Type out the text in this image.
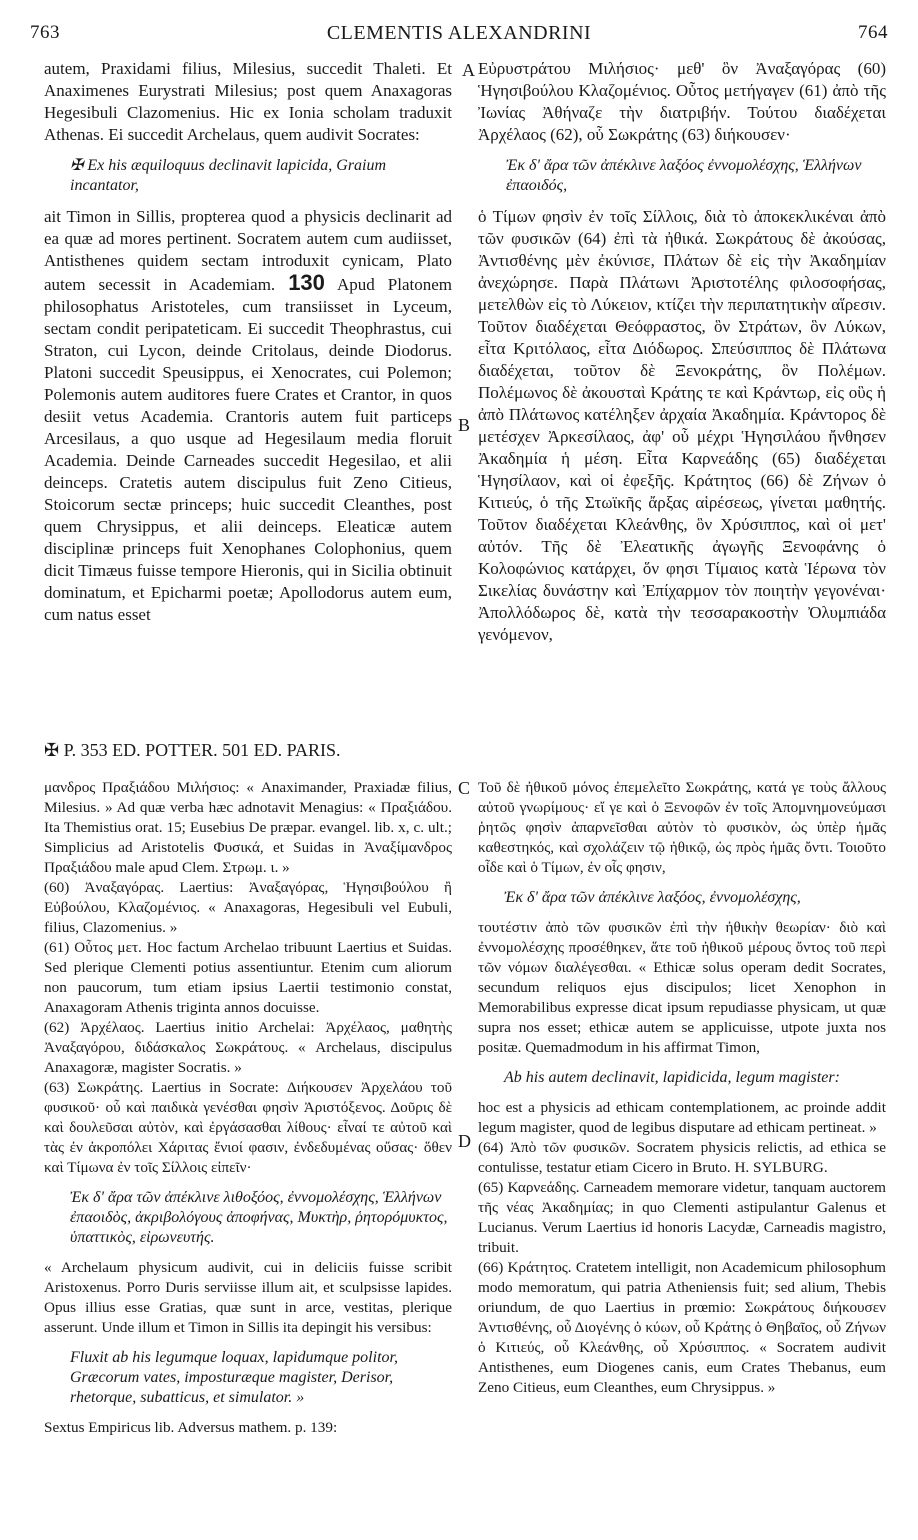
763	CLEMENTIS ALEXANDRINI	764
A
B
C
D

autem, Praxidami filius, Milesius, succedit Thaleti. Et Anaximenes Eurystrati Milesius; post quem Anaxagoras Hegesibuli Clazomenius. Hic ex Ionia scholam traduxit Athenas. Ei succedit Archelaus, quem audivit Socrates:

✠ Ex his æquiloquus declinavit lapicida, Graium incantator,

ait Timon in Sillis, propterea quod a physicis declinarit ad ea quæ ad mores pertinent. Socratem autem cum audiisset, Antisthenes quidem sectam introduxit cynicam, Plato autem secessit in Academiam. 130 Apud Platonem philosophatus Aristoteles, cum transiisset in Lyceum, sectam condit peripateticam. Ei succedit Theophrastus, cui Straton, cui Lycon, deinde Critolaus, deinde Diodorus. Platoni succedit Speusippus, ei Xenocrates, cui Polemon; Polemonis autem auditores fuere Crates et Crantor, in quos desiit vetus Academia. Crantoris autem fuit particeps Arcesilaus, a quo usque ad Hegesilaum media floruit Academia. Deinde Carneades succedit Hegesilao, et alii deinceps. Cratetis autem discipulus fuit Zeno Citieus, Stoicorum sectæ princeps; huic succedit Cleanthes, post quem Chrysippus, et alii deinceps. Eleaticæ autem disciplinæ princeps fuit Xenophanes Colophonius, quem dicit Timæus fuisse tempore Hieronis, qui in Sicilia obtinuit dominatum, et Epicharmi poetæ; Apollodorus autem eum, cum natus esset

Εὐρυστράτου Μιλήσιος· μεθ' ὃν Ἀναξαγόρας (60) Ἡγησιβούλου Κλαζομένιος. Οὗτος μετήγαγεν (61) ἀπὸ τῆς Ἰωνίας Ἀθήναζε τὴν διατριβήν. Τούτου διαδέχεται Ἀρχέλαος (62), οὗ Σωκράτης (63) διήκουσεν·

Ἐκ δ' ἄρα τῶν ἀπέκλινε λαξόος ἐννομολέσχης, Ἑλλήνων ἐπαοιδός,

ὁ Τίμων φησὶν ἐν τοῖς Σίλλοις, διὰ τὸ ἀποκεκλικέναι ἀπὸ τῶν φυσικῶν (64) ἐπὶ τὰ ἠθικά. Σωκράτους δὲ ἀκούσας, Ἀντισθένης μὲν ἐκύνισε, Πλάτων δὲ εἰς τὴν Ἀκαδημίαν ἀνεχώρησε. Παρὰ Πλάτωνι Ἀριστοτέλης φιλοσοφήσας, μετελθὼν εἰς τὸ Λύκειον, κτίζει τὴν περιπατητικὴν αἵρεσιν. Τοῦτον διαδέχεται Θεόφραστος, ὃν Στράτων, ὃν Λύκων, εἶτα Κριτόλαος, εἶτα Διόδωρος. Σπεύσιππος δὲ Πλάτωνα διαδέχεται, τοῦτον δὲ Ξενοκράτης, ὃν Πολέμων. Πολέμωνος δὲ ἀκουσταὶ Κράτης τε καὶ Κράντωρ, εἰς οὓς ἡ ἀπὸ Πλάτωνος κατέληξεν ἀρχαία Ἀκαδημία. Κράντορος δὲ μετέσχεν Ἀρκεσίλαος, ἀφ' οὗ μέχρι Ἡγησιλάου ἤνθησεν Ἀκαδημία ἡ μέση. Εἶτα Καρνεάδης (65) διαδέχεται Ἡγησίλαον, καὶ οἱ ἐφεξῆς. Κράτητος (66) δὲ Ζήνων ὁ Κιτιεύς, ὁ τῆς Στωϊκῆς ἄρξας αἱρέσεως, γίνεται μαθητής. Τοῦτον διαδέχεται Κλεάνθης, ὃν Χρύσιππος, καὶ οἱ μετ' αὐτόν. Τῆς δὲ Ἐλεατικῆς ἀγωγῆς Ξενοφάνης ὁ Κολοφώνιος κατάρχει, ὅν φησι Τίμαιος κατὰ Ἱέρωνα τὸν Σικελίας δυνάστην καὶ Ἐπίχαρμον τὸν ποιητὴν γεγονέναι· Ἀπολλόδωρος δὲ, κατὰ τὴν τεσσαρακοστὴν Ὀλυμπιάδα γενόμενον,

✠ P. 353 ED. POTTER. 501 ED. PARIS.

μανδρος Πραξιάδου Μιλήσιος: « Anaximander, Praxiadæ filius, Milesius. » Ad quæ verba hæc adnotavit Menagius: « Πραξιάδου. Ita Themistius orat. 15; Eusebius De præpar. evangel. lib. x, c. ult.; Simplicius ad Aristotelis Φυσικά, et Suidas in Ἀναξίμανδρος Πραξιάδου male apud Clem. Στρωμ. ι. »

(60) Ἀναξαγόρας. Laertius: Ἀναξαγόρας, Ἡγησιβούλου ἢ Εὐβούλου, Κλαζομένιος. « Anaxagoras, Hegesibuli vel Eubuli, filius, Clazomenius. »

(61) Οὗτος μετ. Hoc factum Archelao tribuunt Laertius et Suidas. Sed plerique Clementi potius assentiuntur. Etenim cum aliorum non paucorum, tum etiam ipsius Laertii testimonio constat, Anaxagoram Athenis triginta annos docuisse.

(62) Ἀρχέλαος. Laertius initio Archelai: Ἀρχέλαος, μαθητὴς Ἀναξαγόρου, διδάσκαλος Σωκράτους. « Archelaus, discipulus Anaxagoræ, magister Socratis. »

(63) Σωκράτης. Laertius in Socrate: Διήκουσεν Ἀρχελάου τοῦ φυσικοῦ· οὗ καὶ παιδικὰ γενέσθαι φησὶν Ἀριστόξενος. Δοῦρις δὲ καὶ δουλεῦσαι αὐτὸν, καὶ ἐργάσασθαι λίθους· εἶναί τε αὐτοῦ καὶ τὰς ἐν ἀκροπόλει Χάριτας ἔνιοί φασιν, ἐνδεδυμένας οὔσας· ὅθεν καὶ Τίμωνα ἐν τοῖς Σίλλοις εἰπεῖν·

Ἐκ δ' ἄρα τῶν ἀπέκλινε λιθοξόος, ἐννομολέσχης, Ἑλλήνων ἐπαοιδὸς, ἀκριβολόγους ἀποφήνας, Μυκτὴρ, ῥητορόμυκτος, ὑπαττικὸς, εἰρωνευτής.

« Archelaum physicum audivit, cui in deliciis fuisse scribit Aristoxenus. Porro Duris serviisse illum ait, et sculpsisse lapides. Opus illius esse Gratias, quæ sunt in arce, vestitas, plerique asserunt. Unde illum et Timon in Sillis ita depingit his versibus:

Fluxit ab his legumque loquax, lapidumque politor, Græcorum vates, imposturæque magister, Derisor, rhetorque, subatticus, et simulator. »

Sextus Empiricus lib. Adversus mathem. p. 139:

Τοῦ δὲ ἠθικοῦ μόνος ἐπεμελεῖτο Σωκράτης, κατά γε τοὺς ἄλλους αὐτοῦ γνωρίμους· εἴ γε καὶ ὁ Ξενοφῶν ἐν τοῖς Ἀπομνημονεύμασι ῥητῶς φησὶν ἀπαρνεῖσθαι αὐτὸν τὸ φυσικὸν, ὡς ὑπὲρ ἡμᾶς καθεστηκός, καὶ σχολάζειν τῷ ἠθικῷ, ὡς πρὸς ἡμᾶς ὄντι. Τοιοῦτο οἶδε καὶ ὁ Τίμων, ἐν οἷς φησιν,

Ἐκ δ' ἄρα τῶν ἀπέκλινε λαξόος, ἐννομολέσχης,

τουτέστιν ἀπὸ τῶν φυσικῶν ἐπὶ τὴν ἠθικὴν θεωρίαν· διὸ καὶ ἐννομολέσχης προσέθηκεν, ἅτε τοῦ ἠθικοῦ μέρους ὄντος τοῦ περὶ τῶν νόμων διαλέγεσθαι. « Ethicæ solus operam dedit Socrates, secundum reliquos ejus discipulos; licet Xenophon in Memorabilibus expresse dicat ipsum repudiasse physicam, ut quæ supra nos esset; ethicæ autem se applicuisse, utpote juxta nos positæ. Quemadmodum in his affirmat Timon,

Ab his autem declinavit, lapidicida, legum magister:

hoc est a physicis ad ethicam contemplationem, ac proinde addit legum magister, quod de legibus disputare ad ethicam pertineat. »

(64) Ἀπὸ τῶν φυσικῶν. Socratem physicis relictis, ad ethica se contulisse, testatur etiam Cicero in Bruto. H. SYLBURG.

(65) Καρνεάδης. Carneadem memorare videtur, tanquam auctorem τῆς νέας Ἀκαδημίας; in quo Clementi astipulantur Galenus et Lucianus. Verum Laertius id honoris Lacydæ, Carneadis magistro, tribuit.

(66) Κράτητος. Cratetem intelligit, non Academicum philosophum modo memoratum, qui patria Atheniensis fuit; sed alium, Thebis oriundum, de quo Laertius in prœmio: Σωκράτους διήκουσεν Ἀντισθένης, οὗ Διογένης ὁ κύων, οὗ Κράτης ὁ Θηβαῖος, οὗ Ζήνων ὁ Κιτιεύς, οὗ Κλεάνθης, οὗ Χρύσιππος. « Socratem audivit Antisthenes, eum Diogenes canis, eum Crates Thebanus, eum Zeno Citieus, eum Cleanthes, eum Chrysippus. »
